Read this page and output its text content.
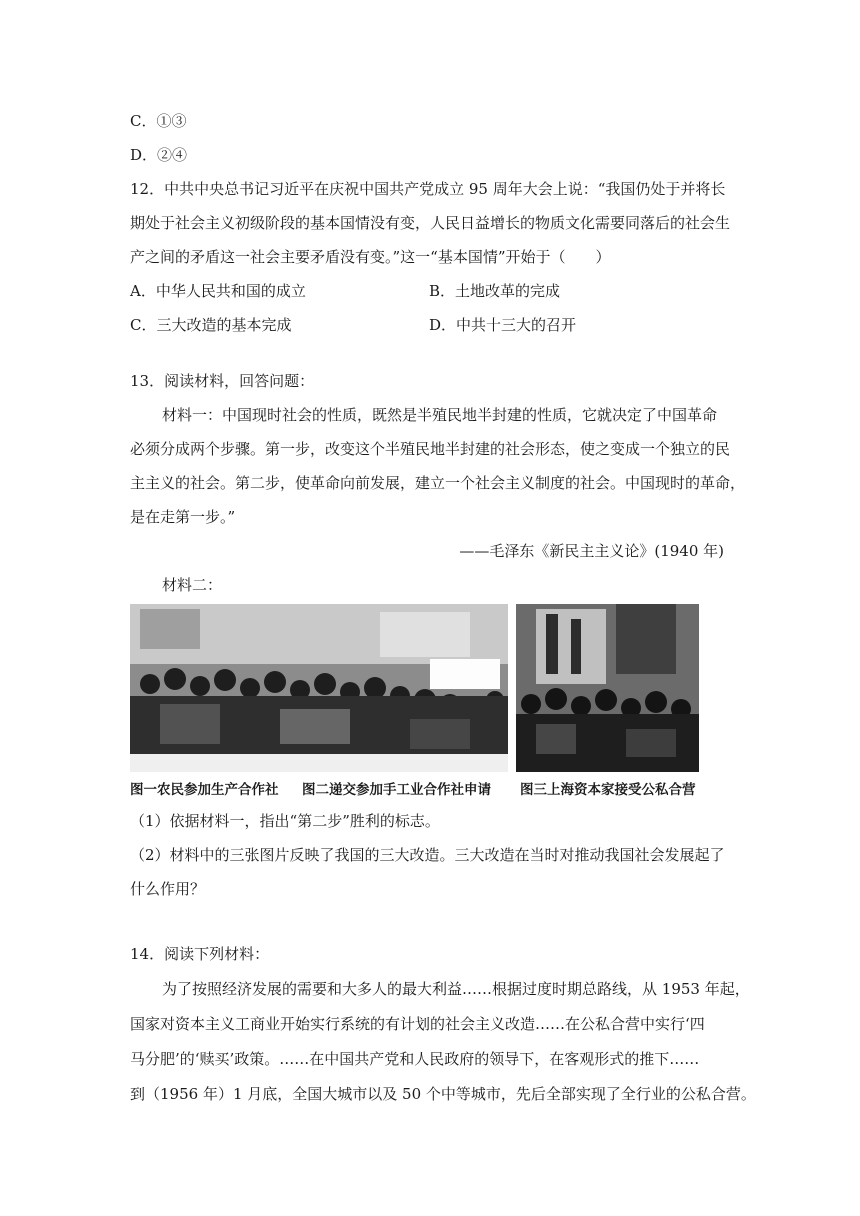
C．①③
D．②④
12．中共中央总书记习近平在庆祝中国共产党成立 95 周年大会上说：“我国仍处于并将长
期处于社会主义初级阶段的基本国情没有变，人民日益增长的物质文化需要同落后的社会生
产之间的矛盾这一社会主要矛盾没有变。”这一“基本国情”开始于（　　）
A．中华人民共和国的成立	B．土地改革的完成
C．三大改造的基本完成	D．中共十三大的召开
13．阅读材料，回答问题：
材料一：中国现时社会的性质，既然是半殖民地半封建的性质，它就决定了中国革命
必须分成两个步骤。第一步，改变这个半殖民地半封建的社会形态，使之变成一个独立的民
主主义的社会。第二步，使革命向前发展，建立一个社会主义制度的社会。中国现时的革命，
是在走第一步。”
——毛泽东《新民主主义论》(1940 年)
材料二：
图一农民参加生产合作社 图二递交参加手工业合作社申请 图三上海资本家接受公私合营
（1）依据材料一，指出“第二步”胜利的标志。
（2）材料中的三张图片反映了我国的三大改造。三大改造在当时对推动我国社会发展起了
什么作用？
14．阅读下列材料：
为了按照经济发展的需要和大多人的最大利益……根据过度时期总路线，从 1953 年起，
国家对资本主义工商业开始实行系统的有计划的社会主义改造……在公私合营中实行‘四
马分肥’的‘赎买’政策。……在中国共产党和人民政府的领导下，在客观形式的推下……
到（1956 年）1 月底，全国大城市以及 50 个中等城市，先后全部实现了全行业的公私合营。
